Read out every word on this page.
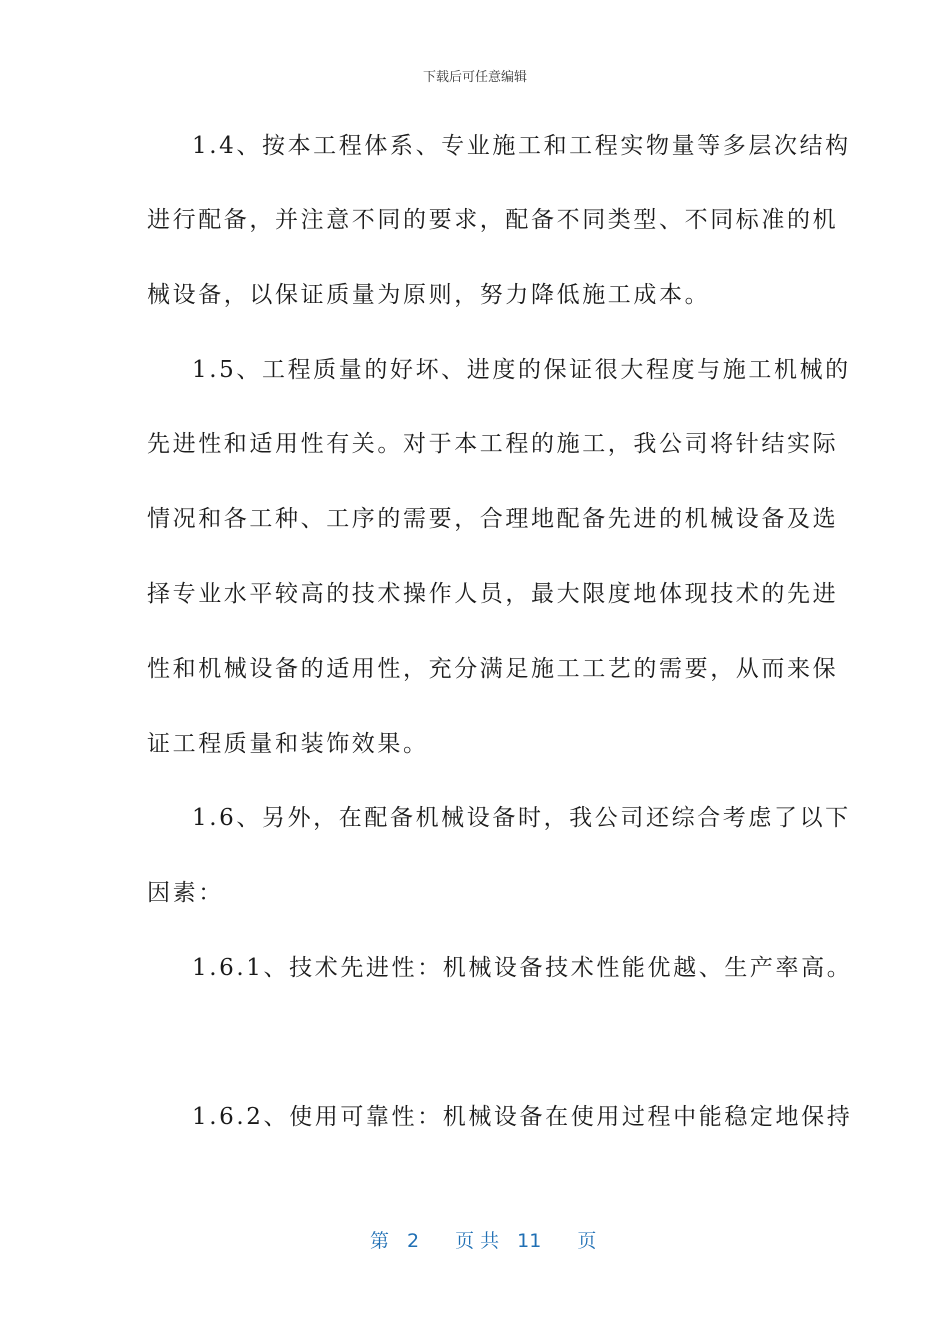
下载后可任意编辑
1.4、按本工程体系、专业施工和工程实物量等多层次结构
进行配备，并注意不同的要求，配备不同类型、不同标准的机
械设备，以保证质量为原则，努力降低施工成本。
1.5、工程质量的好坏、进度的保证很大程度与施工机械的
先进性和适用性有关。对于本工程的施工，我公司将针结实际
情况和各工种、工序的需要，合理地配备先进的机械设备及选
择专业水平较高的技术操作人员，最大限度地体现技术的先进
性和机械设备的适用性，充分满足施工工艺的需要，从而来保
证工程质量和装饰效果。
1.6、另外，在配备机械设备时，我公司还综合考虑了以下
因素：
1.6.1、技术先进性：机械设备技术性能优越、生产率高。
1.6.2、使用可靠性：机械设备在使用过程中能稳定地保持
第 2 页 共 11 页
